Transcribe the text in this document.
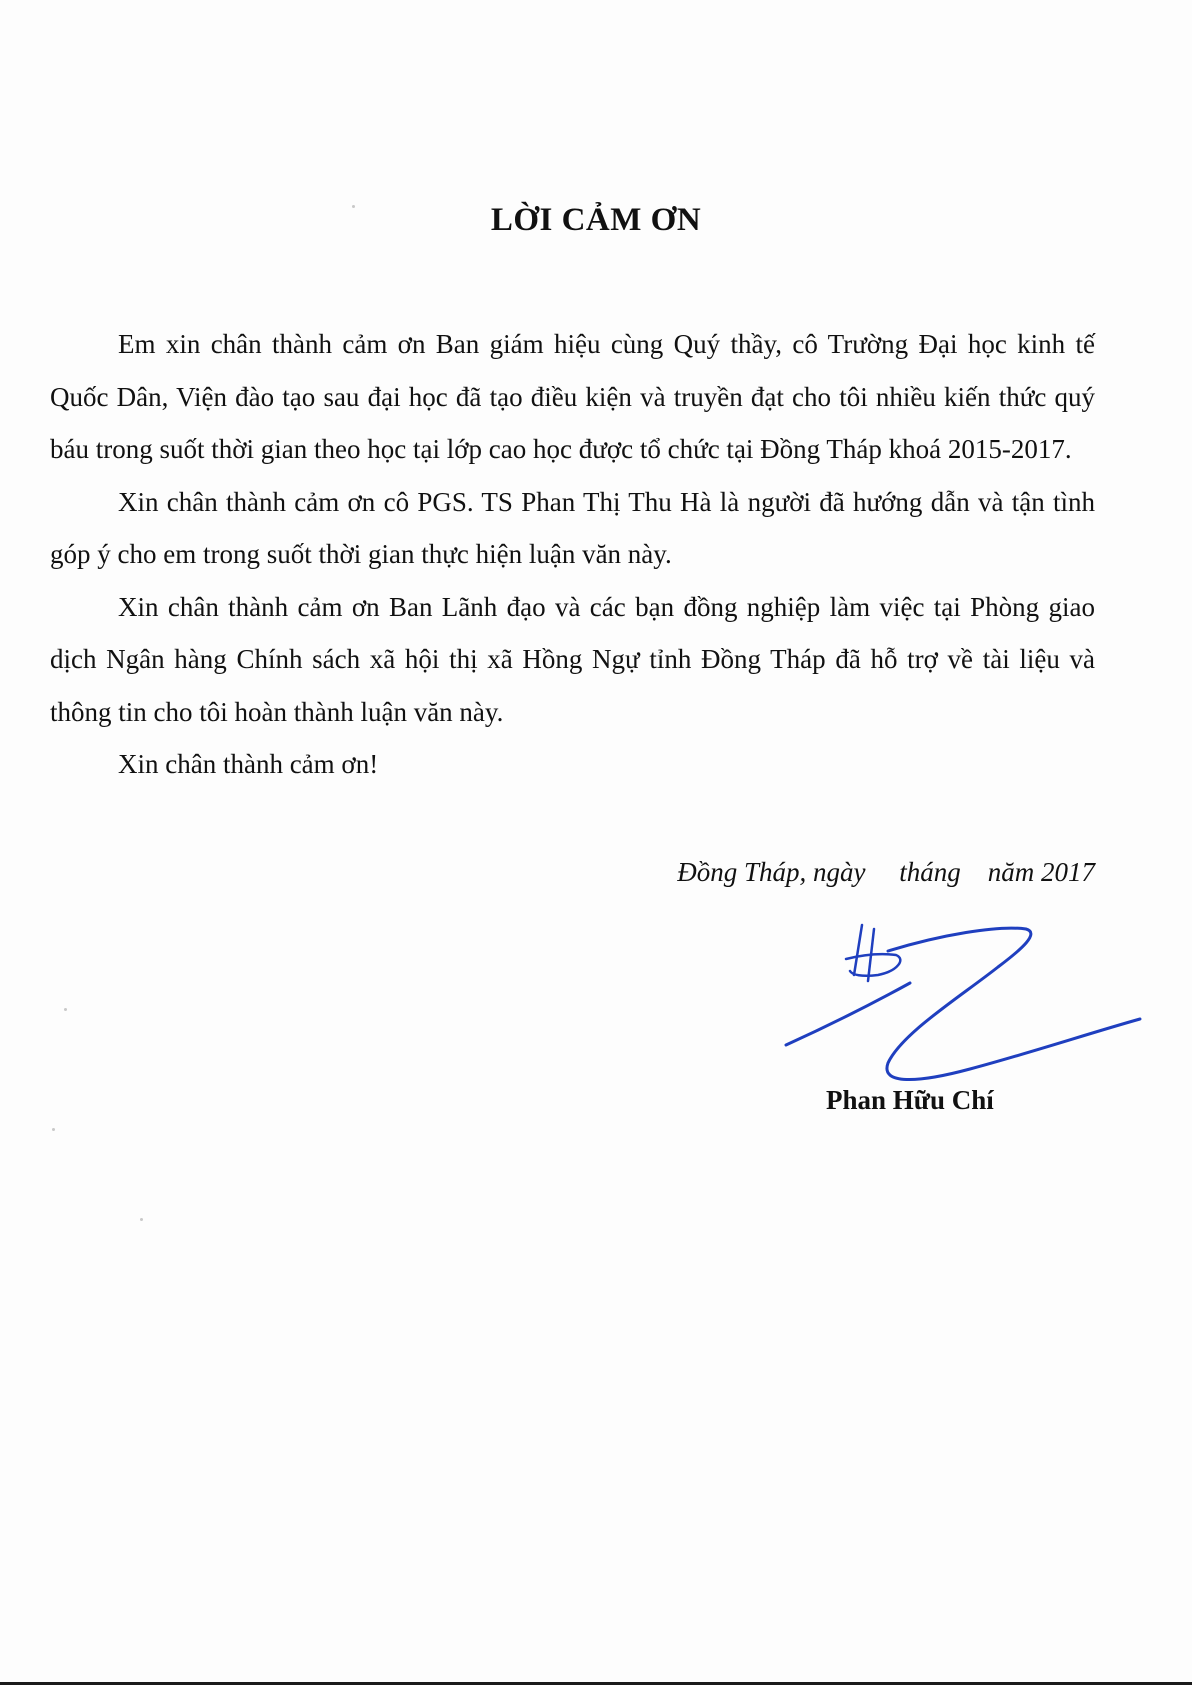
LỜI CẢM ƠN

Em xin chân thành cảm ơn Ban giám hiệu cùng Quý thầy, cô Trường Đại học kinh tế Quốc Dân, Viện đào tạo sau đại học đã tạo điều kiện và truyền đạt cho tôi nhiều kiến thức quý báu trong suốt thời gian theo học tại lớp cao học được tổ chức tại Đồng Tháp khoá 2015-2017.

Xin chân thành cảm ơn cô PGS. TS Phan Thị Thu Hà là người đã hướng dẫn và tận tình góp ý cho em trong suốt thời gian thực hiện luận văn này.

Xin chân thành cảm ơn Ban Lãnh đạo và các bạn đồng nghiệp làm việc tại Phòng giao dịch Ngân hàng Chính sách xã hội thị xã Hồng Ngự tỉnh Đồng Tháp đã hỗ trợ về tài liệu và thông tin cho tôi hoàn thành luận văn này.

Xin chân thành cảm ơn!

Đồng Tháp, ngày     tháng    năm 2017
Phan Hữu Chí
